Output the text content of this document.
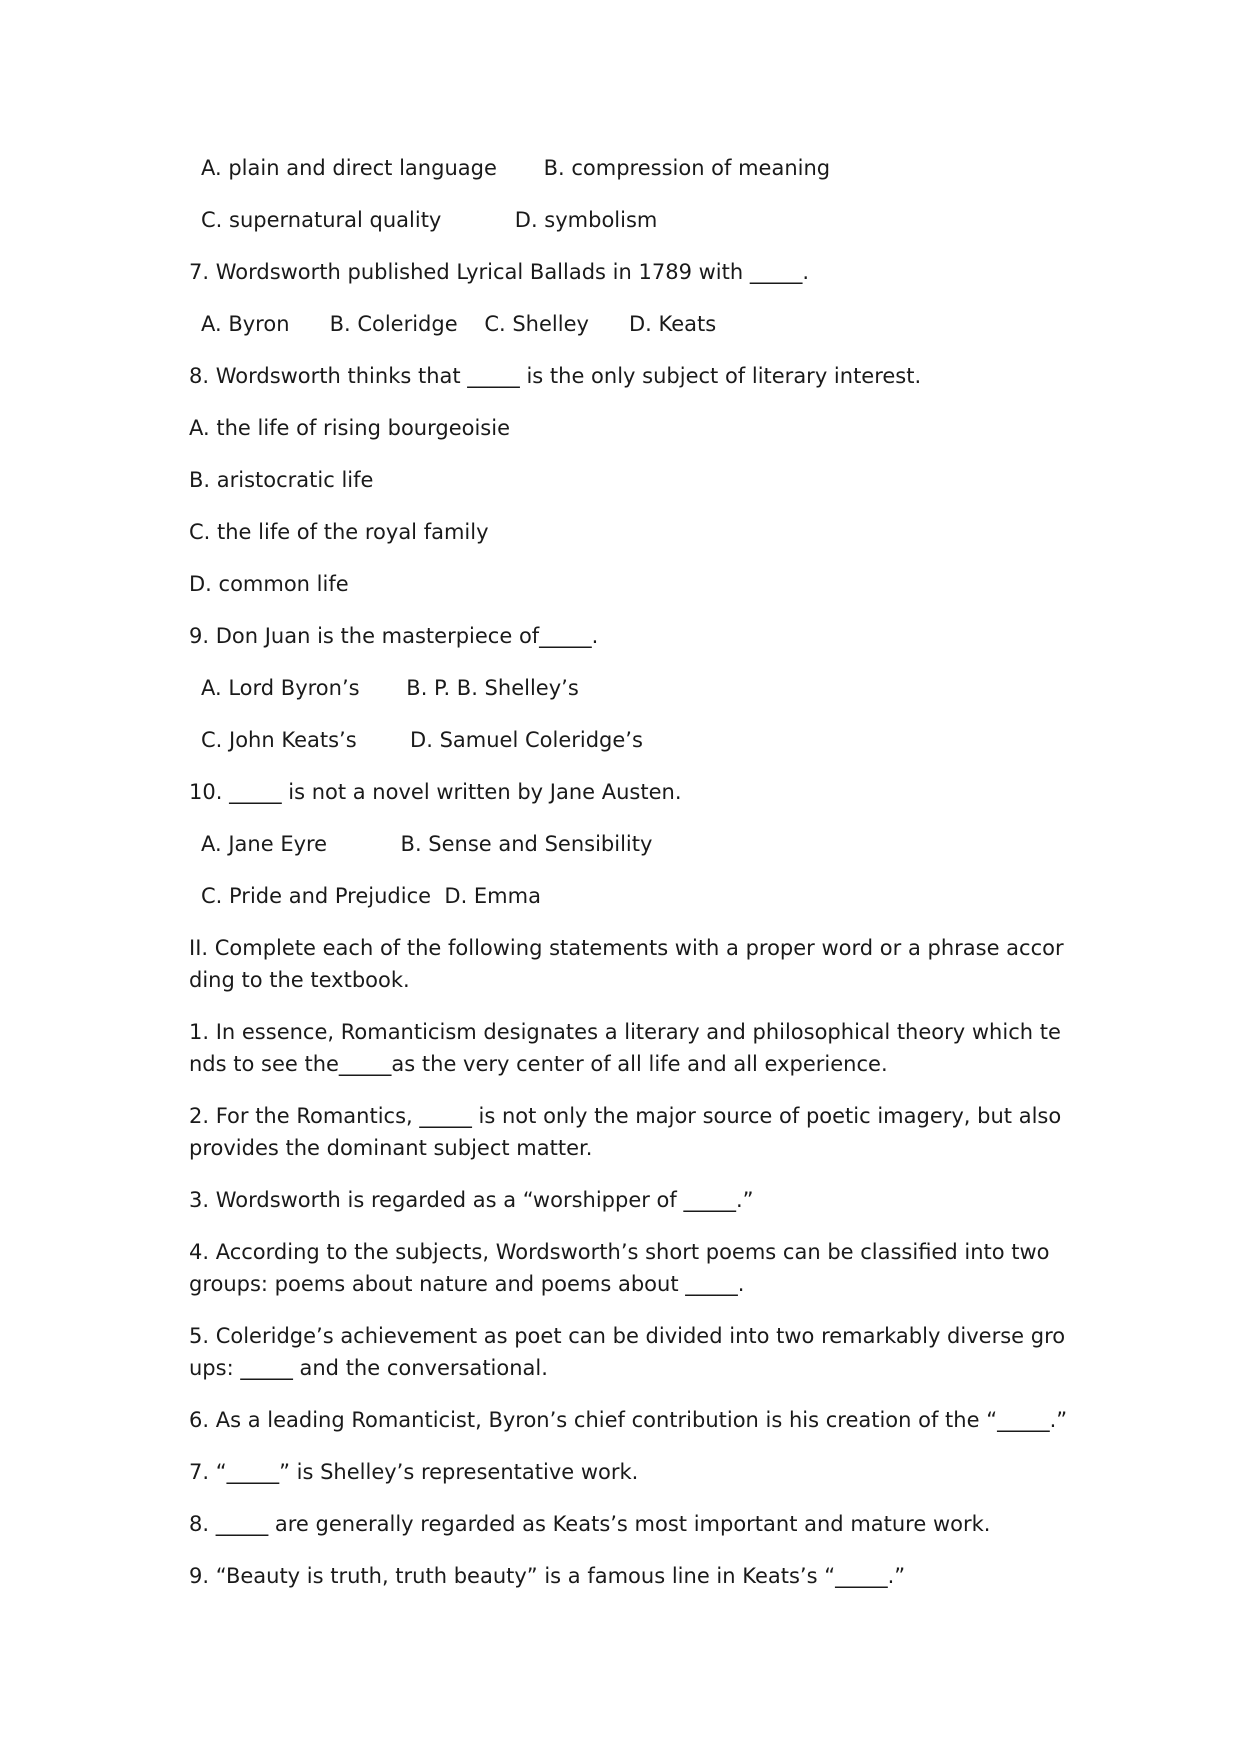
A. plain and direct language       B. compression of meaning
C. supernatural quality           D. symbolism
7. Wordsworth published Lyrical Ballads in 1789 with _____.
A. Byron      B. Coleridge    C. Shelley      D. Keats
8. Wordsworth thinks that _____ is the only subject of literary interest.
A. the life of rising bourgeoisie
B. aristocratic life
C. the life of the royal family
D. common life
9. Don Juan is the masterpiece of_____.
A. Lord Byron’s       B. P. B. Shelley’s
C. John Keats’s        D. Samuel Coleridge’s
10. _____ is not a novel written by Jane Austen.
A. Jane Eyre           B. Sense and Sensibility
C. Pride and Prejudice  D. Emma
II. Complete each of the following statements with a proper word or a phrase according to the textbook.
1. In essence, Romanticism designates a literary and philosophical theory which tends to see the_____as the very center of all life and all experience.
2. For the Romantics, _____ is not only the major source of poetic imagery, but also provides the dominant subject matter.
3. Wordsworth is regarded as a “worshipper of _____.”
4. According to the subjects, Wordsworth’s short poems can be classified into two groups: poems about nature and poems about _____.
5. Coleridge’s achievement as poet can be divided into two remarkably diverse groups: _____ and the conversational.
6. As a leading Romanticist, Byron’s chief contribution is his creation of the “_____.”
7. “_____” is Shelley’s representative work.
8. _____ are generally regarded as Keats’s most important and mature work.
9. “Beauty is truth, truth beauty” is a famous line in Keats’s “_____.”
